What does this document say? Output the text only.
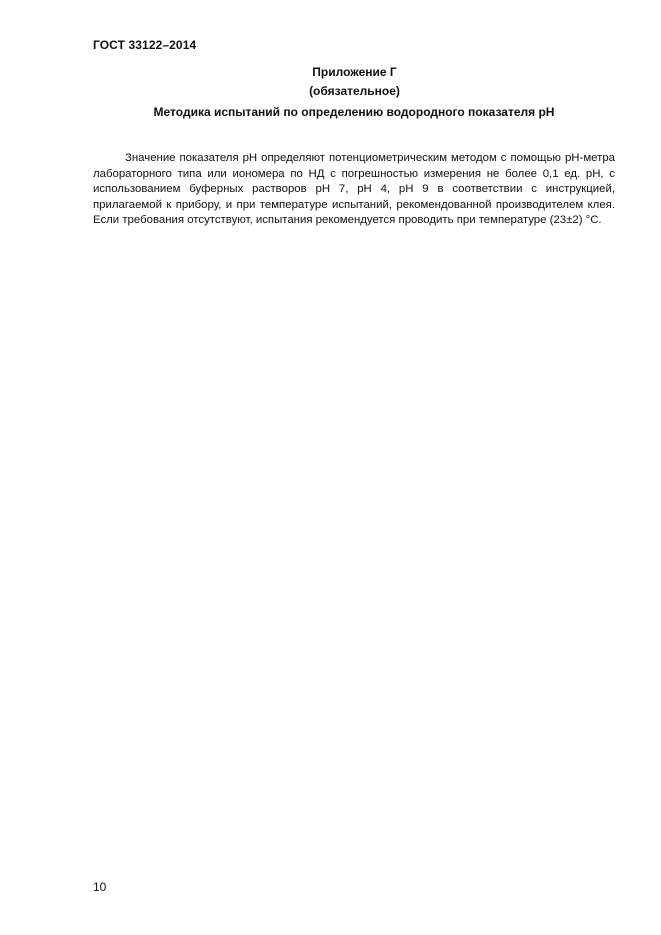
ГОСТ 33122–2014
Приложение Г
(обязательное)
Методика испытаний по определению водородного показателя рН

Значение показателя рН определяют потенциометрическим методом с помощью рН-метра лабораторного типа или иономера по НД с погрешностью измерения не более 0,1 ед. рН, с использованием буферных растворов рН 7, рН 4, рН 9 в соответствии с инструкцией, прилагаемой к прибору, и при температуре испытаний, рекомендованной производителем клея. Если требования отсутствуют, испытания рекомендуется проводить при температуре (23±2) °С.

10
